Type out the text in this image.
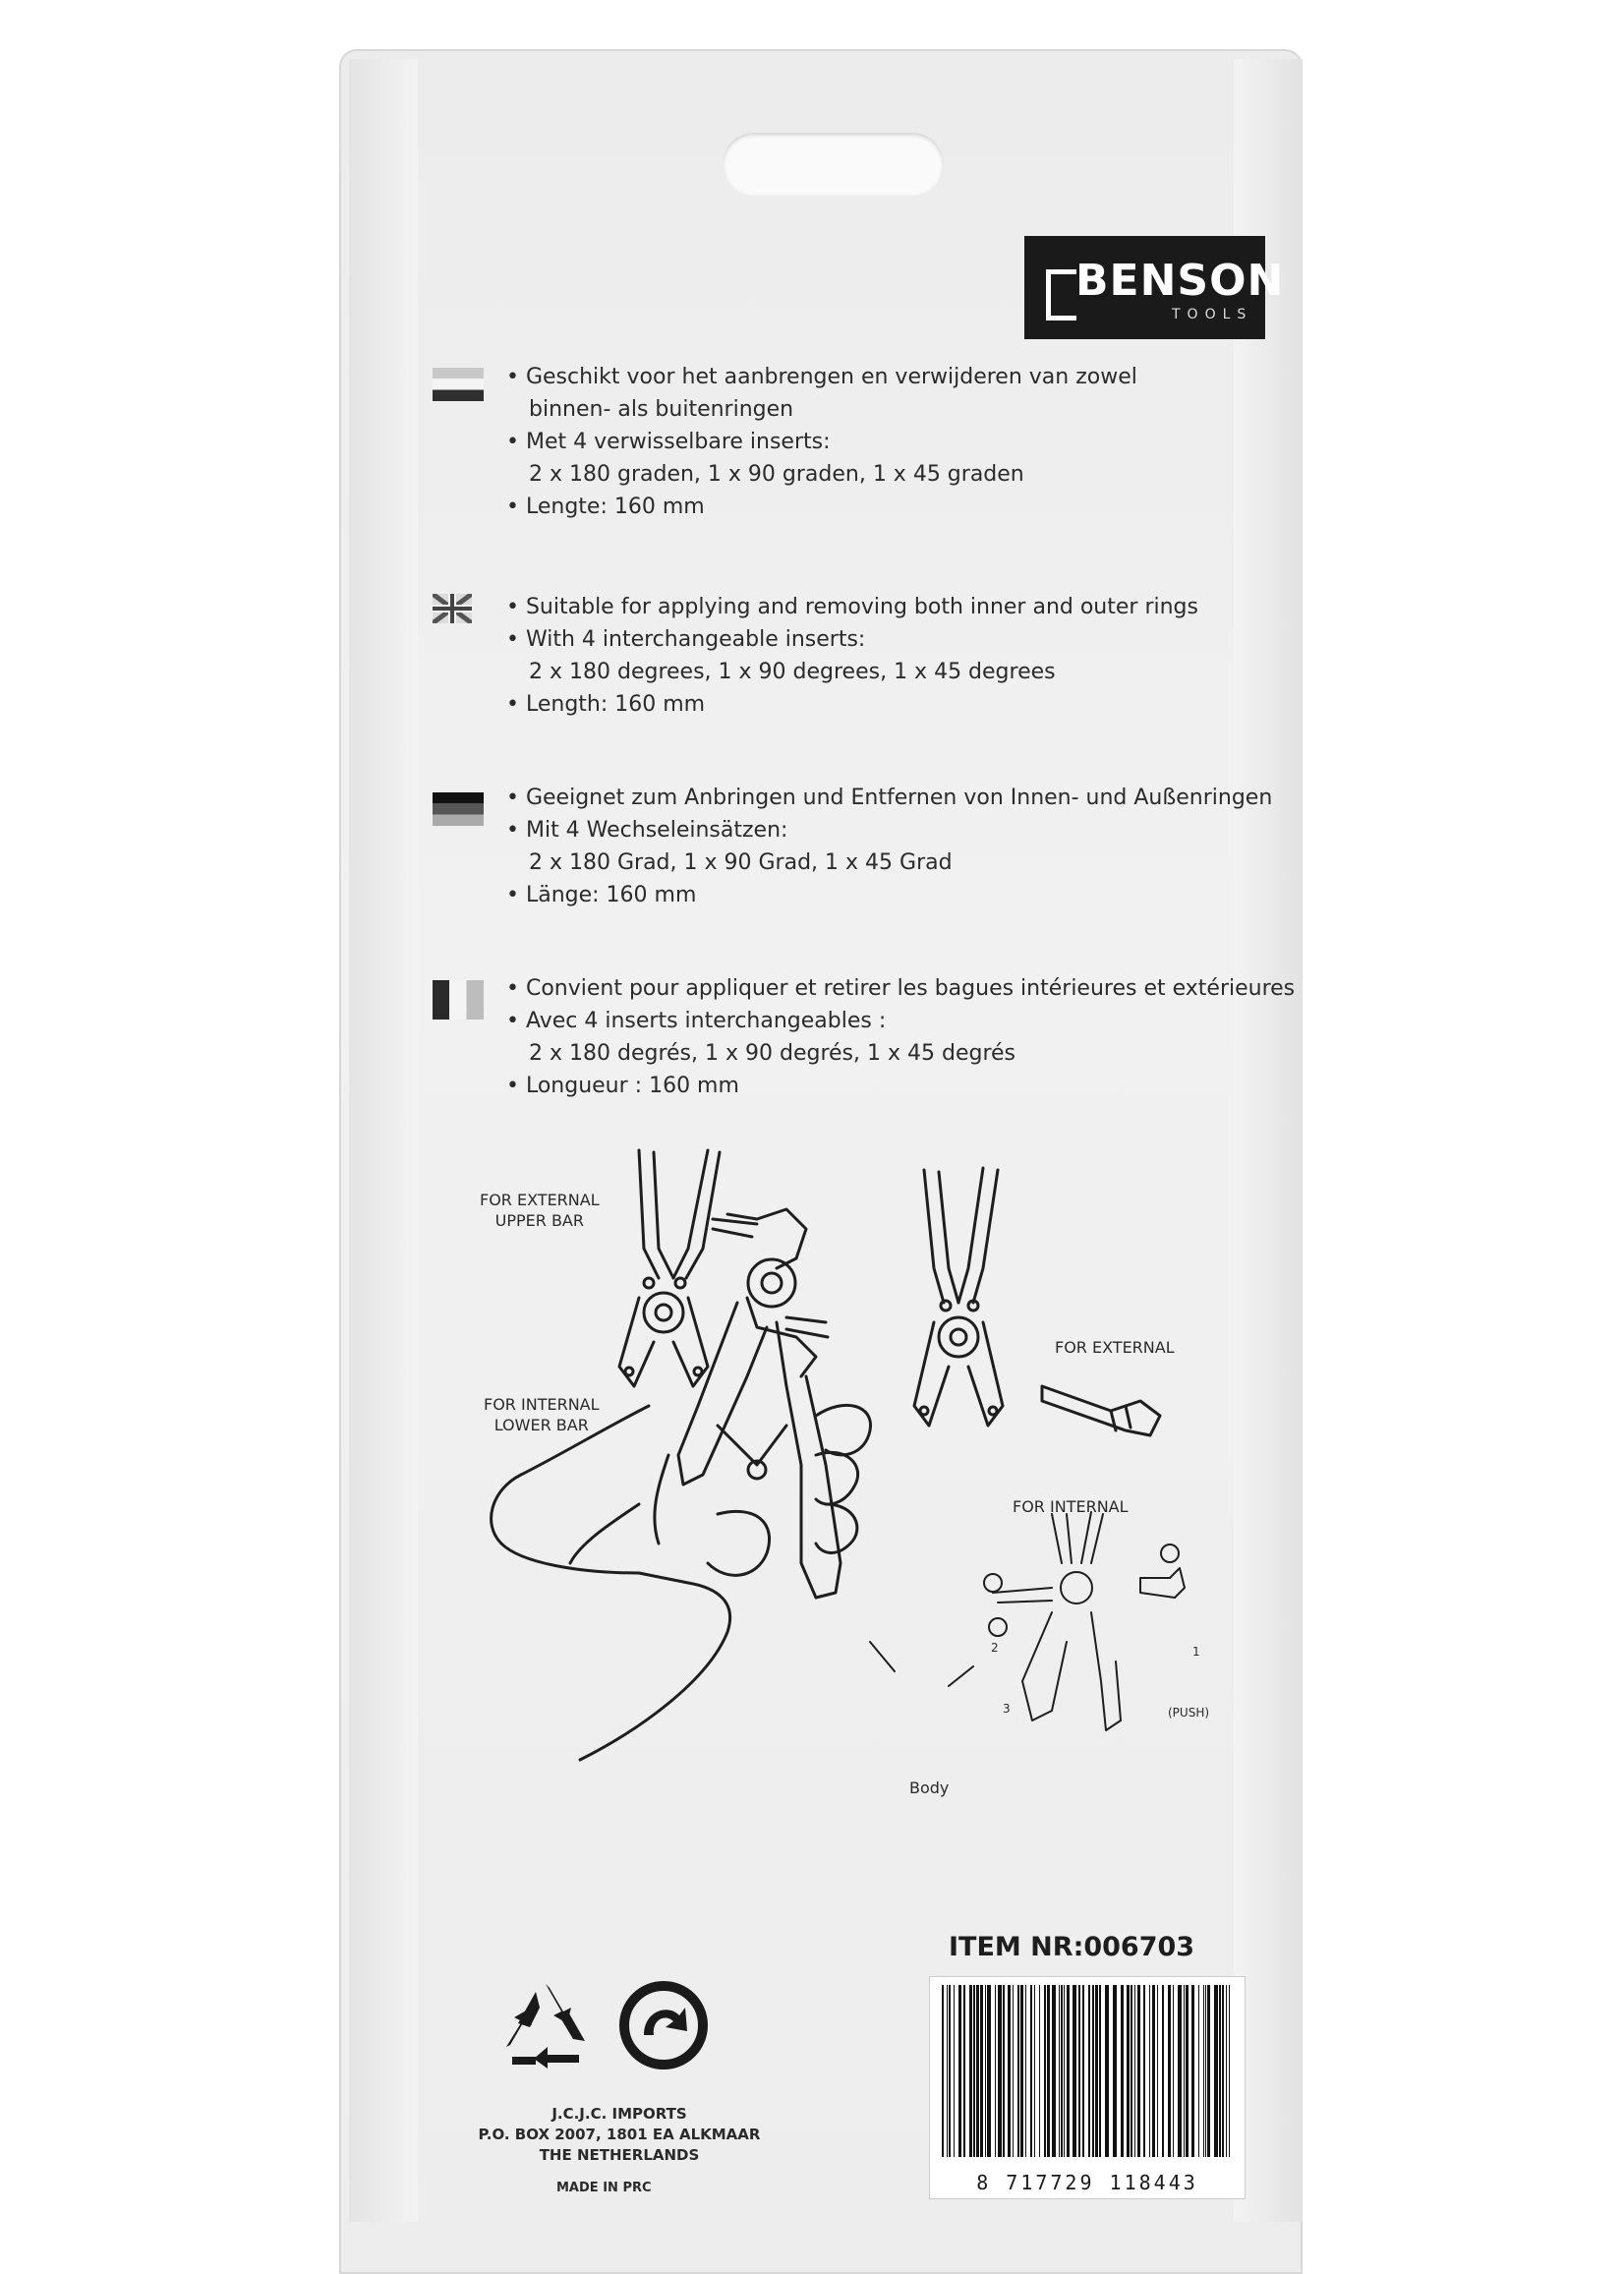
BENSON
TOOLS
• Geschikt voor het aanbrengen en verwijderen van zowel
binnen- als buitenringen
• Met 4 verwisselbare inserts:
2 x 180 graden, 1 x 90 graden, 1 x 45 graden
• Lengte: 160 mm
• Suitable for applying and removing both inner and outer rings
• With 4 interchangeable inserts:
2 x 180 degrees, 1 x 90 degrees, 1 x 45 degrees
• Length: 160 mm
• Geeignet zum Anbringen und Entfernen von Innen- und Außenringen
• Mit 4 Wechseleinsätzen:
2 x 180 Grad, 1 x 90 Grad, 1 x 45 Grad
• Länge: 160 mm
• Convient pour appliquer et retirer les bagues intérieures et extérieures
• Avec 4 inserts interchangeables :
2 x 180 degrés, 1 x 90 degrés, 1 x 45 degrés
• Longueur : 160 mm
FOR EXTERNAL
UPPER BAR
FOR INTERNAL
LOWER BAR
FOR EXTERNAL
FOR INTERNAL
Body
(PUSH)
1
2
3
ITEM NR:006703
8 717729 118443
J.C.J.C. IMPORTS
P.O. BOX 2007, 1801 EA ALKMAAR
THE NETHERLANDS
MADE IN PRC
